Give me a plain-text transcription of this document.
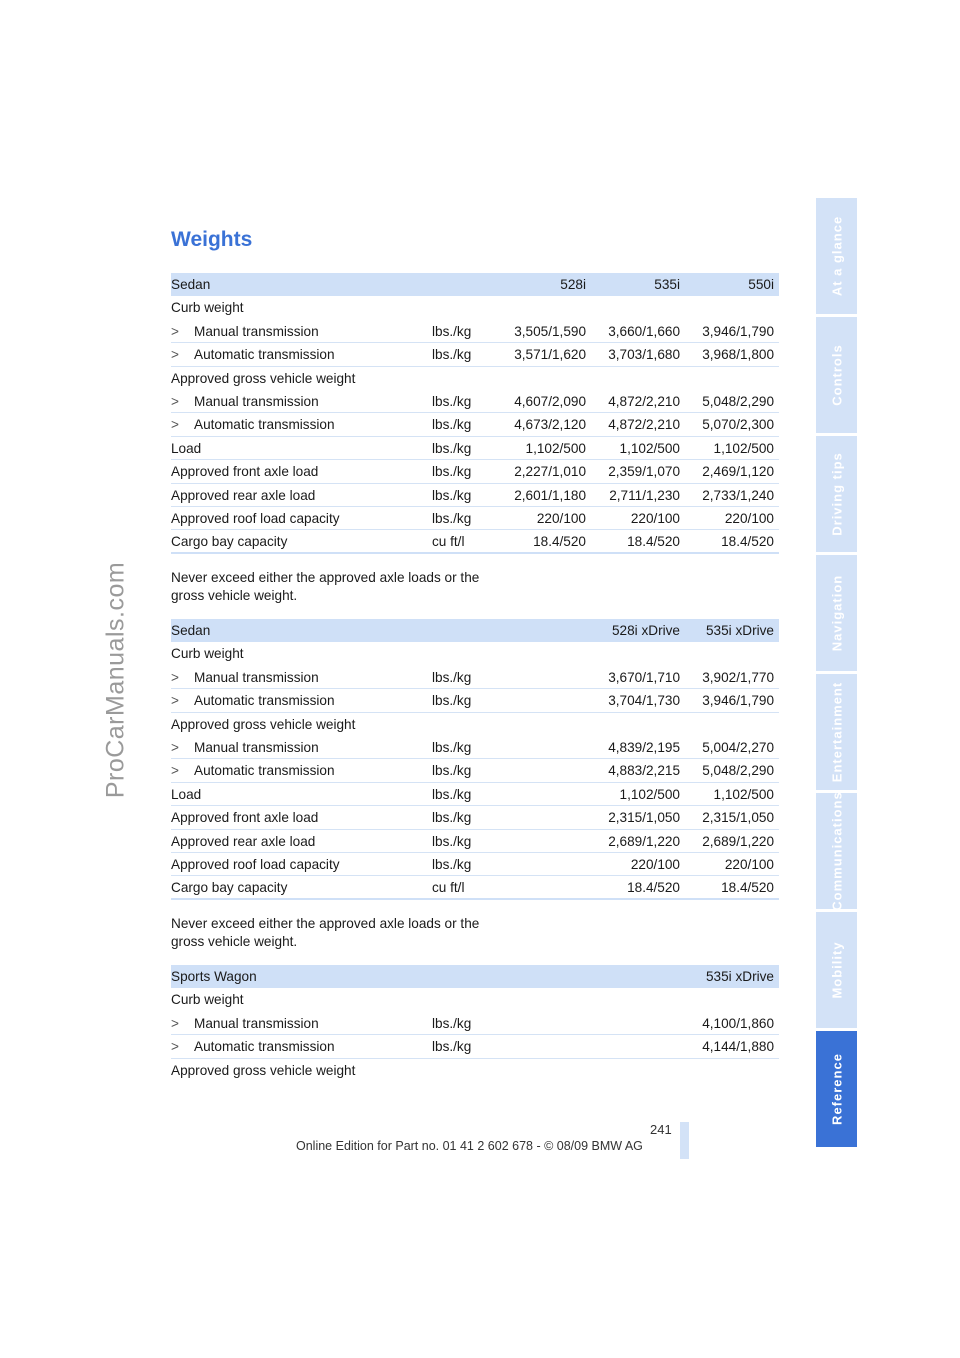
ProCarManuals.com
Weights
Sedan	528i	535i	550i
Curb weight
> Manual transmission	lbs./kg	3,505/1,590 3,660/1,660 3,946/1,790
> Automatic transmission	lbs./kg	3,571/1,620 3,703/1,680 3,968/1,800
Approved gross vehicle weight
> Manual transmission	lbs./kg	4,607/2,090 4,872/2,210 5,048/2,290
> Automatic transmission	lbs./kg	4,673/2,120 4,872/2,210 5,070/2,300
Load	lbs./kg	1,102/500 1,102/500 1,102/500
Approved front axle load	lbs./kg	2,227/1,010 2,359/1,070 2,469/1,120
Approved rear axle load	lbs./kg	2,601/1,180 2,711/1,230 2,733/1,240
Approved roof load capacity	lbs./kg	220/100	220/100	220/100
Cargo bay capacity	cu ft/l	18.4/520	18.4/520	18.4/520
Never exceed either the approved axle loads or the gross vehicle weight.
Sedan	528i xDrive 535i xDrive
Curb weight
> Manual transmission	lbs./kg	3,670/1,710 3,902/1,770
> Automatic transmission	lbs./kg	3,704/1,730 3,946/1,790
Approved gross vehicle weight
> Manual transmission	lbs./kg	4,839/2,195 5,004/2,270
> Automatic transmission	lbs./kg	4,883/2,215 5,048/2,290
Load	lbs./kg	1,102/500 1,102/500
Approved front axle load	lbs./kg	2,315/1,050 2,315/1,050
Approved rear axle load	lbs./kg	2,689/1,220 2,689/1,220
Approved roof load capacity	lbs./kg	220/100	220/100
Cargo bay capacity	cu ft/l	18.4/520	18.4/520
Never exceed either the approved axle loads or the gross vehicle weight.
Sports Wagon	535i xDrive
Curb weight
> Manual transmission	lbs./kg	4,100/1,860
> Automatic transmission	lbs./kg	4,144/1,880
Approved gross vehicle weight
At a glance
Controls
Driving tips
Navigation
Entertainment
Communications
Mobility
Reference
241
Online Edition for Part no. 01 41 2 602 678 - © 08/09 BMW AG
